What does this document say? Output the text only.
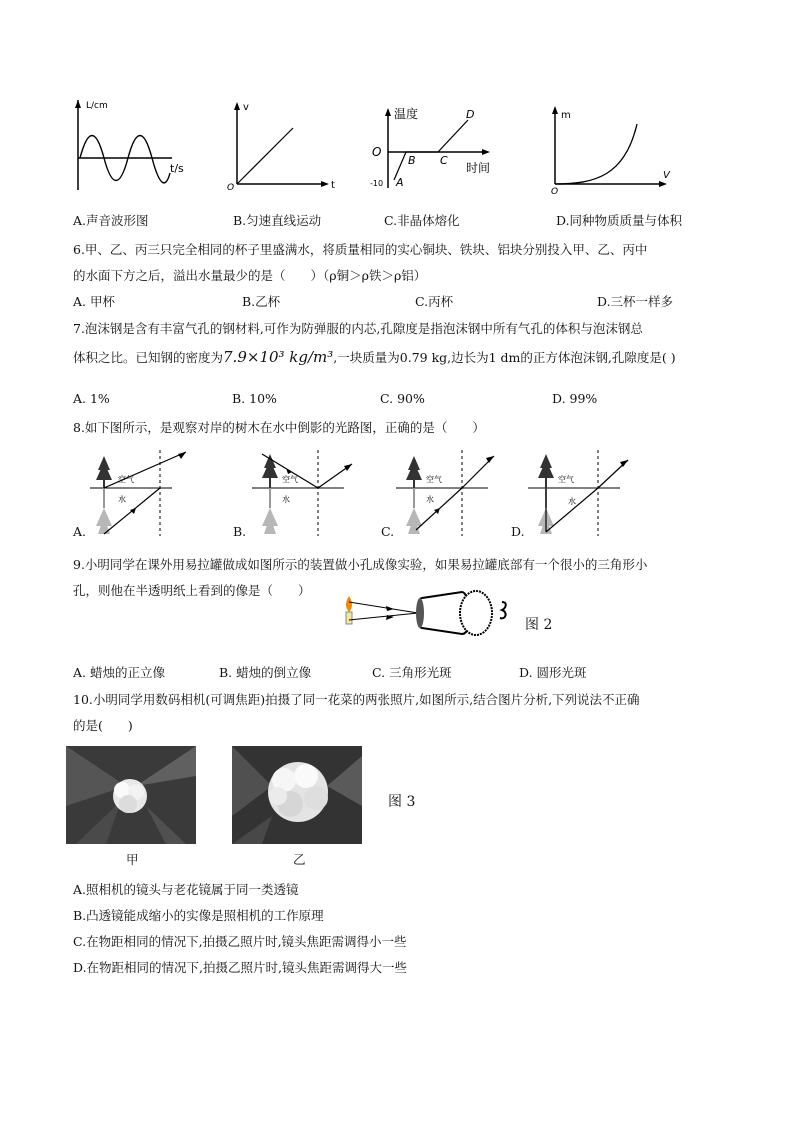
L/cm
t/s
v
t
O
温度
时间
O
A
B C
D
-10
m
V
O
A.声音波形图	B.匀速直线运动	C.非晶体熔化	D.同种物质质量与体积
6.甲、乙、丙三只完全相同的杯子里盛满水，将质量相同的实心铜块、铁块、铝块分别投入甲、乙、丙中
的水面下方之后，溢出水量最少的是（　　）（ρ铜＞ρ铁＞ρ铝）
A. 甲杯	B.乙杯	C.丙杯	D.三杯一样多
7.泡沫钢是含有丰富气孔的钢材料,可作为防弹服的内芯,孔隙度是指泡沫钢中所有气孔的体积与泡沫钢总
体积之比。已知钢的密度为7.9×10³ kg/m³,一块质量为0.79 kg,边长为1 dm的正方体泡沫钢,孔隙度是( )
A. 1%	B. 10%	C. 90%	D. 99%
8.如下图所示，是观察对岸的树木在水中倒影的光路图，正确的是（　　）
空气
水
A.
空气
水
B.
空气
水
C.
空气
水
D.
9.小明同学在课外用易拉罐做成如图所示的装置做小孔成像实验，如果易拉罐底部有一个很小的三角形小
孔，则他在半透明纸上看到的像是（　　）
图 2
A. 蜡烛的正立像	B. 蜡烛的倒立像	C. 三角形光斑	D. 圆形光斑
10.小明同学用数码相机(可调焦距)拍摄了同一花菜的两张照片,如图所示,结合图片分析,下列说法不正确
的是(　　)
甲	乙
图 3
A.照相机的镜头与老花镜属于同一类透镜
B.凸透镜能成缩小的实像是照相机的工作原理
C.在物距相同的情况下,拍摄乙照片时,镜头焦距需调得小一些
D.在物距相同的情况下,拍摄乙照片时,镜头焦距需调得大一些
